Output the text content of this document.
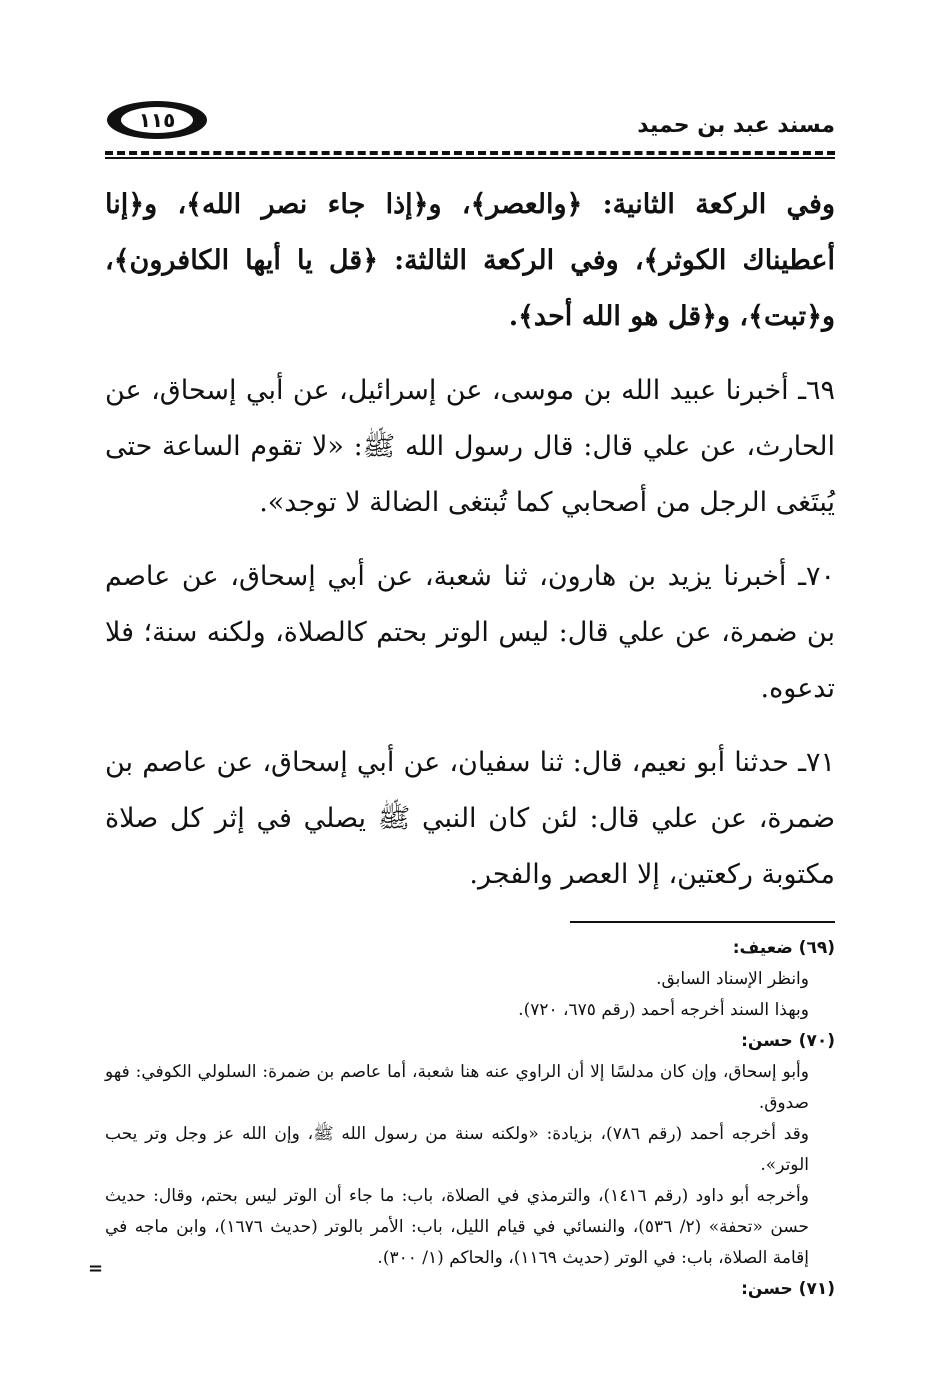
مسند عبد بن حميد
١١٥

وفي الركعة الثانية: ﴿والعصر﴾، و﴿إذا جاء نصر الله﴾، و﴿إنا أعطيناك الكوثر﴾، وفي الركعة الثالثة: ﴿قل يا أيها الكافرون﴾، و﴿تبت﴾، و﴿قل هو الله أحد﴾.

٦٩ـ أخبرنا عبيد الله بن موسى، عن إسرائيل، عن أبي إسحاق، عن الحارث، عن علي قال: قال رسول الله ﷺ: «لا تقوم الساعة حتى يُبتَغى الرجل من أصحابي كما تُبتغى الضالة لا توجد».

٧٠ـ أخبرنا يزيد بن هارون، ثنا شعبة، عن أبي إسحاق، عن عاصم بن ضمرة، عن علي قال: ليس الوتر بحتم كالصلاة، ولكنه سنة؛ فلا تدعوه.

٧١ـ حدثنا أبو نعيم، قال: ثنا سفيان، عن أبي إسحاق، عن عاصم بن ضمرة، عن علي قال: لئن كان النبي ﷺ يصلي في إثر كل صلاة مكتوبة ركعتين، إلا العصر والفجر.

(٦٩) ضعيف:

وانظر الإسناد السابق.

وبهذا السند أخرجه أحمد (رقم ٦٧٥، ٧٢٠).

(٧٠) حسن:

وأبو إسحاق، وإن كان مدلسًا إلا أن الراوي عنه هنا شعبة، أما عاصم بن ضمرة: السلولي الكوفي: فهو صدوق.

وقد أخرجه أحمد (رقم ٧٨٦)، بزيادة: «ولكنه سنة من رسول الله ﷺ، وإن الله عز وجل وتر يحب الوتر».

وأخرجه أبو داود (رقم ١٤١٦)، والترمذي في الصلاة، باب: ما جاء أن الوتر ليس بحتم، وقال: حديث حسن «تحفة» (٢/ ٥٣٦)، والنسائي في قيام الليل، باب: الأمر بالوتر (حديث ١٦٧٦)، وابن ماجه في إقامة الصلاة، باب: في الوتر (حديث ١١٦٩)، والحاكم (١/ ٣٠٠).

(٧١) حسن:

=
